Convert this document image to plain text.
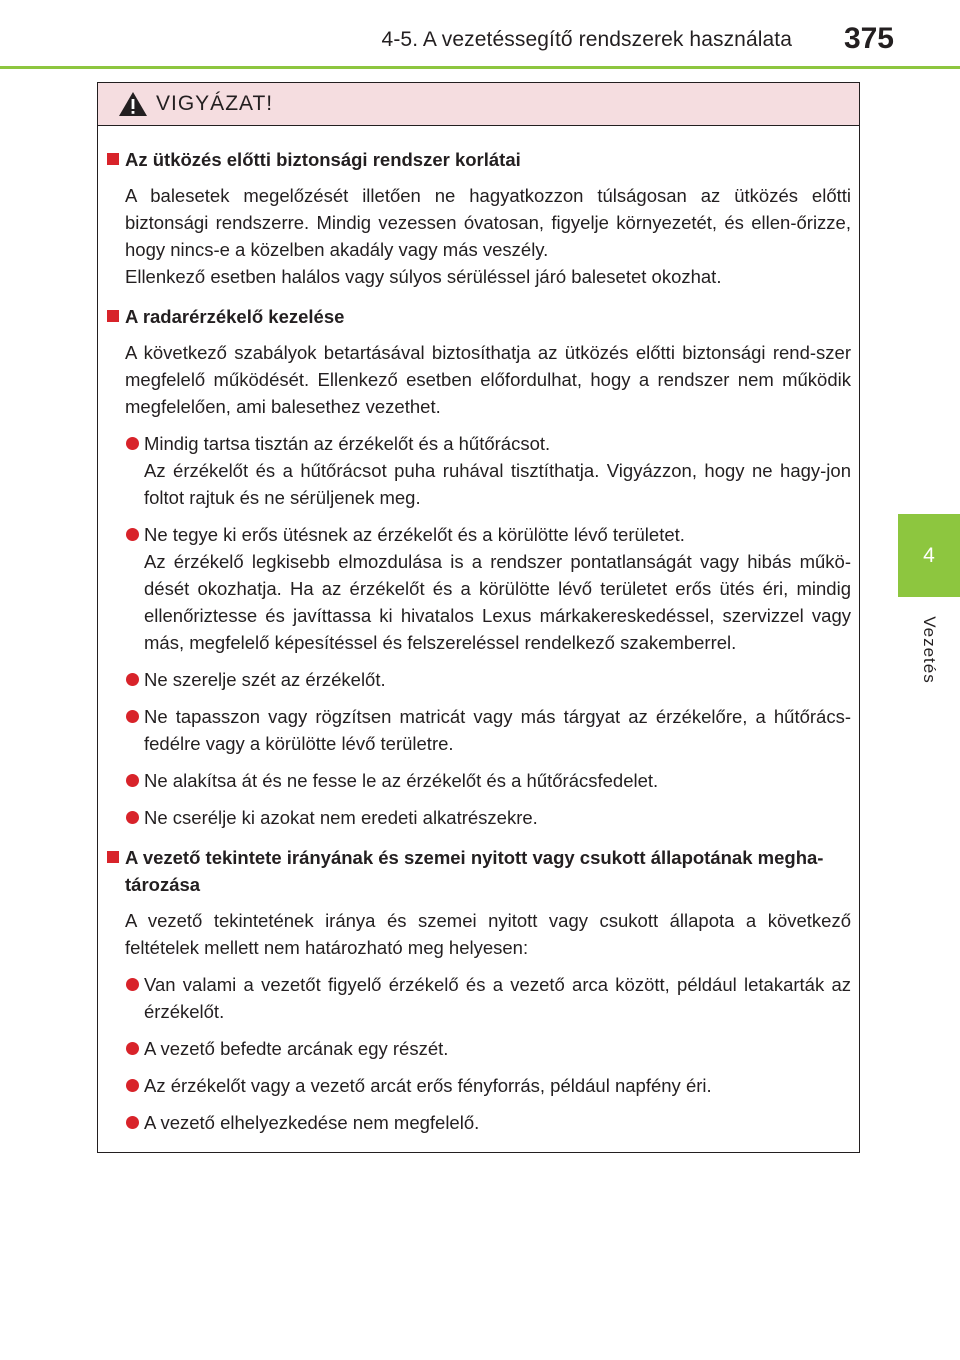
4-5. A vezetéssegítő rendszerek használata 375
4
Vezetés
VIGYÁZAT!
Az ütközés előtti biztonsági rendszer korlátai
A balesetek megelőzését illetően ne hagyatkozzon túlságosan az ütközés előtti biztonsági rendszerre. Mindig vezessen óvatosan, figyelje környezetét, és ellen-őrizze, hogy nincs-e a közelben akadály vagy más veszély.
Ellenkező esetben halálos vagy súlyos sérüléssel járó balesetet okozhat.
A radarérzékelő kezelése
A következő szabályok betartásával biztosíthatja az ütközés előtti biztonsági rend-szer megfelelő működését. Ellenkező esetben előfordulhat, hogy a rendszer nem működik megfelelően, ami balesethez vezethet.
Mindig tartsa tisztán az érzékelőt és a hűtőrácsot.
Az érzékelőt és a hűtőrácsot puha ruhával tisztíthatja. Vigyázzon, hogy ne hagy-jon foltot rajtuk és ne sérüljenek meg.
Ne tegye ki erős ütésnek az érzékelőt és a körülötte lévő területet.
Az érzékelő legkisebb elmozdulása is a rendszer pontatlanságát vagy hibás műkö-dését okozhatja. Ha az érzékelőt és a körülötte lévő területet erős ütés éri, mindig ellenőriztesse és javíttassa ki hivatalos Lexus márkakereskedéssel, szervizzel vagy más, megfelelő képesítéssel és felszereléssel rendelkező szakemberrel.
Ne szerelje szét az érzékelőt.
Ne tapasszon vagy rögzítsen matricát vagy más tárgyat az érzékelőre, a hűtőrács-fedélre vagy a körülötte lévő területre.
Ne alakítsa át és ne fesse le az érzékelőt és a hűtőrácsfedelet.
Ne cserélje ki azokat nem eredeti alkatrészekre.
A vezető tekintete irányának és szemei nyitott vagy csukott állapotának megha-tározása
A vezető tekintetének iránya és szemei nyitott vagy csukott állapota a következő feltételek mellett nem határozható meg helyesen:
Van valami a vezetőt figyelő érzékelő és a vezető arca között, például letakarták az érzékelőt.
A vezető befedte arcának egy részét.
Az érzékelőt vagy a vezető arcát erős fényforrás, például napfény éri.
A vezető elhelyezkedése nem megfelelő.
